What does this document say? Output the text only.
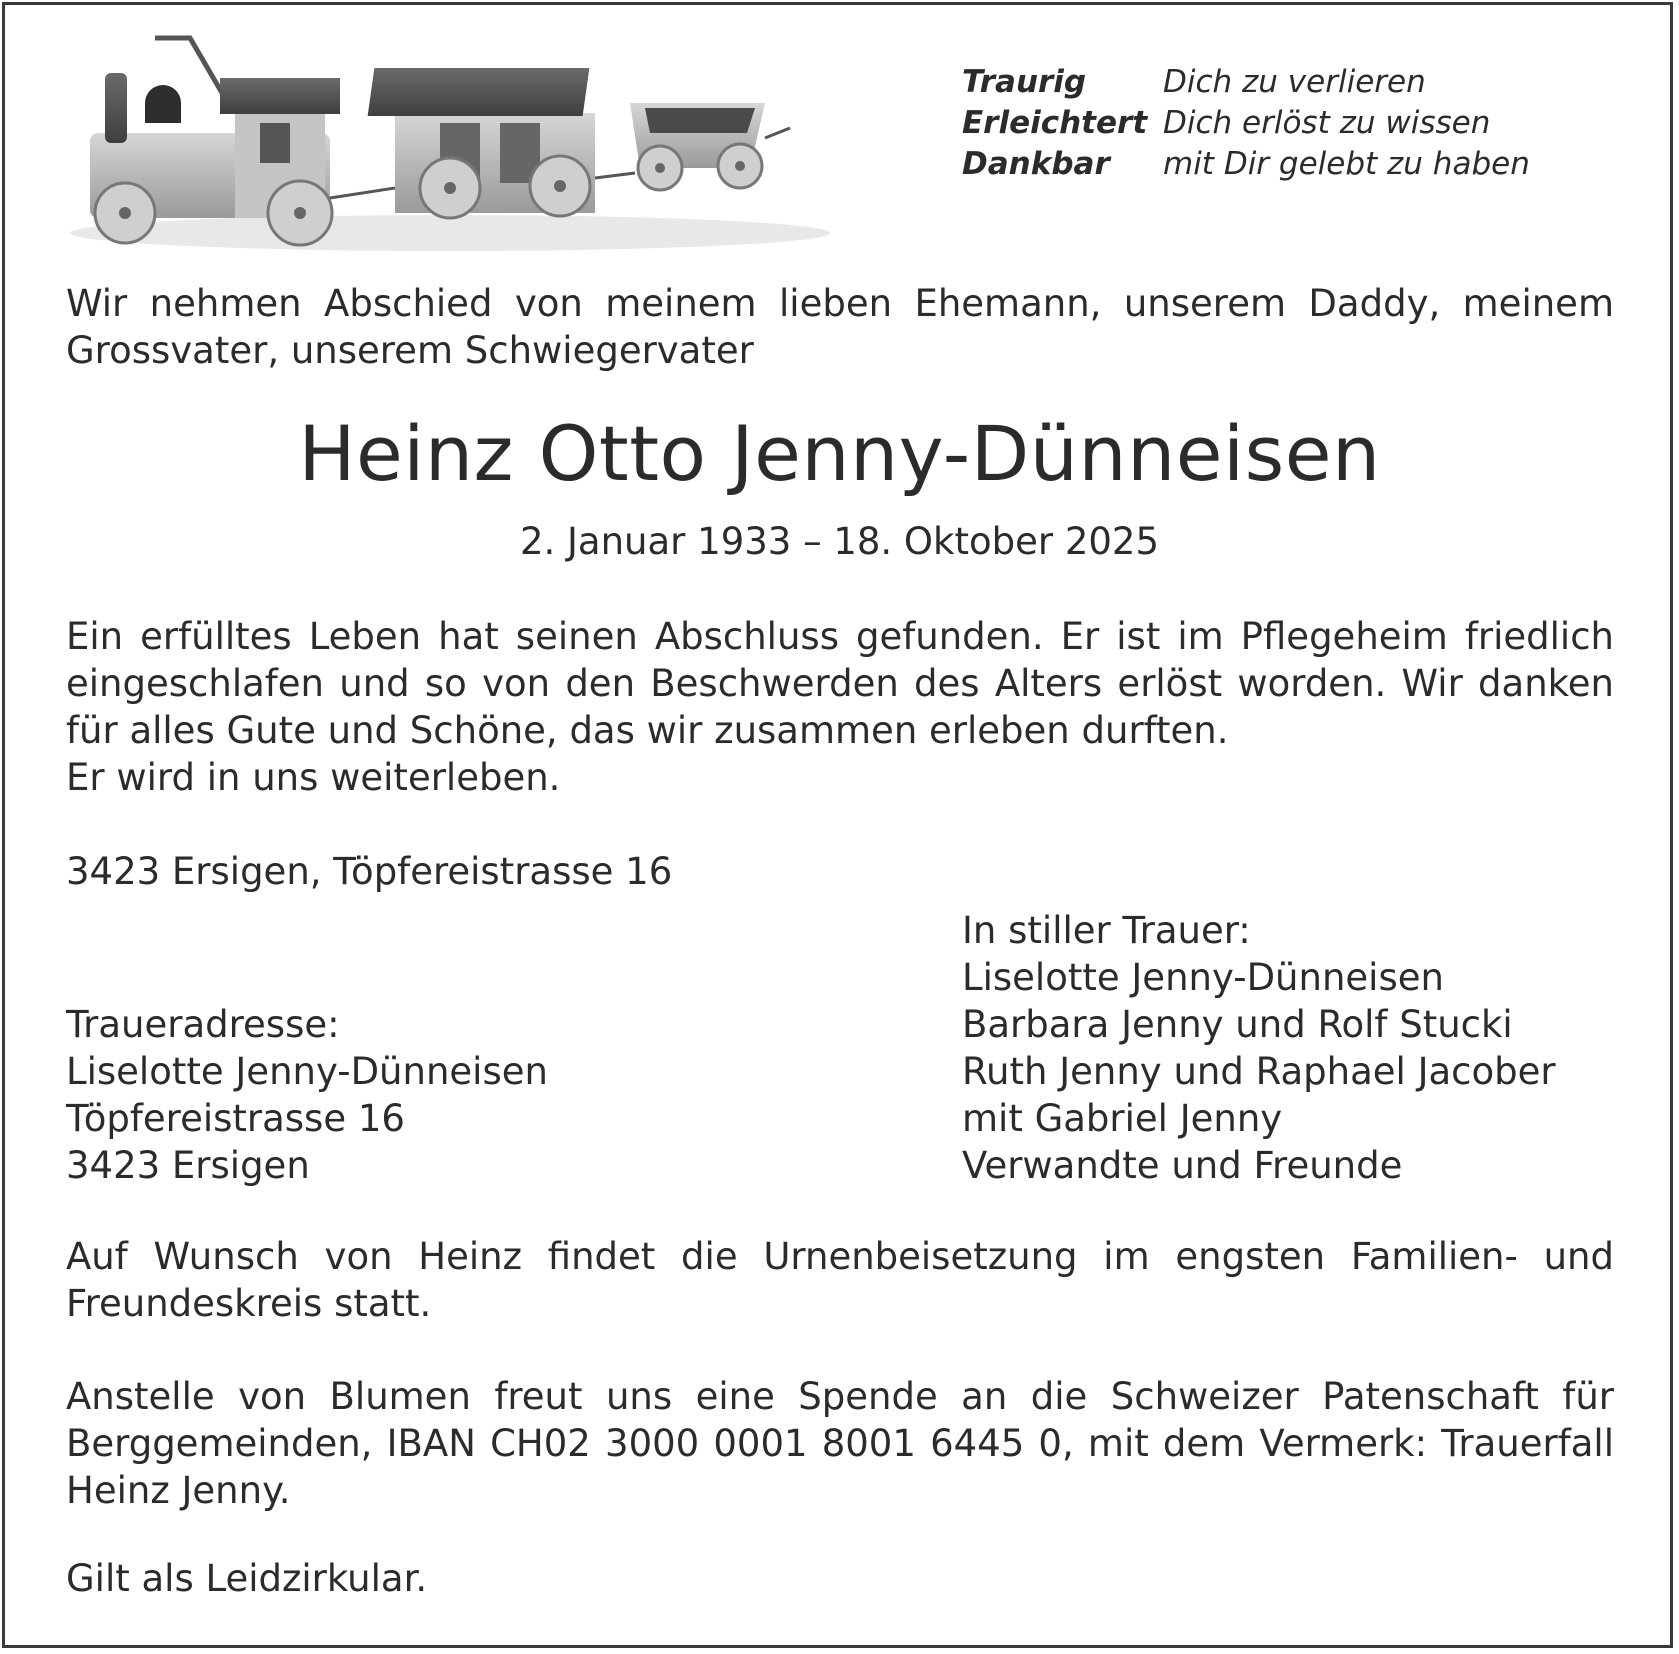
Traurig	Dich zu verlieren
Erleichtert Dich erlöst zu wissen
Dankbar	mit Dir gelebt zu haben
Wir nehmen Abschied von meinem lieben Ehemann, unserem Daddy, meinem Grossvater, unserem Schwiegervater
Heinz Otto Jenny-Dünneisen
2. Januar 1933 – 18. Oktober 2025
Ein erfülltes Leben hat seinen Abschluss gefunden. Er ist im Pflegeheim friedlich eingeschlafen und so von den Beschwerden des Alters erlöst worden. Wir danken für alles Gute und Schöne, das wir zusammen erleben durften.
Er wird in uns weiterleben.
3423 Ersigen, Töpfereistrasse 16
In stiller Trauer:
Liselotte Jenny-Dünneisen
Barbara Jenny und Rolf Stucki
Ruth Jenny und Raphael Jacober
mit Gabriel Jenny
Verwandte und Freunde
Traueradresse:
Liselotte Jenny-Dünneisen
Töpfereistrasse 16
3423 Ersigen
Auf Wunsch von Heinz findet die Urnenbeisetzung im engsten Familien- und Freundeskreis statt.
Anstelle von Blumen freut uns eine Spende an die Schweizer Patenschaft für Berggemeinden, IBAN CH02 3000 0001 8001 6445 0, mit dem Vermerk: Trauerfall Heinz Jenny.
Gilt als Leidzirkular.
